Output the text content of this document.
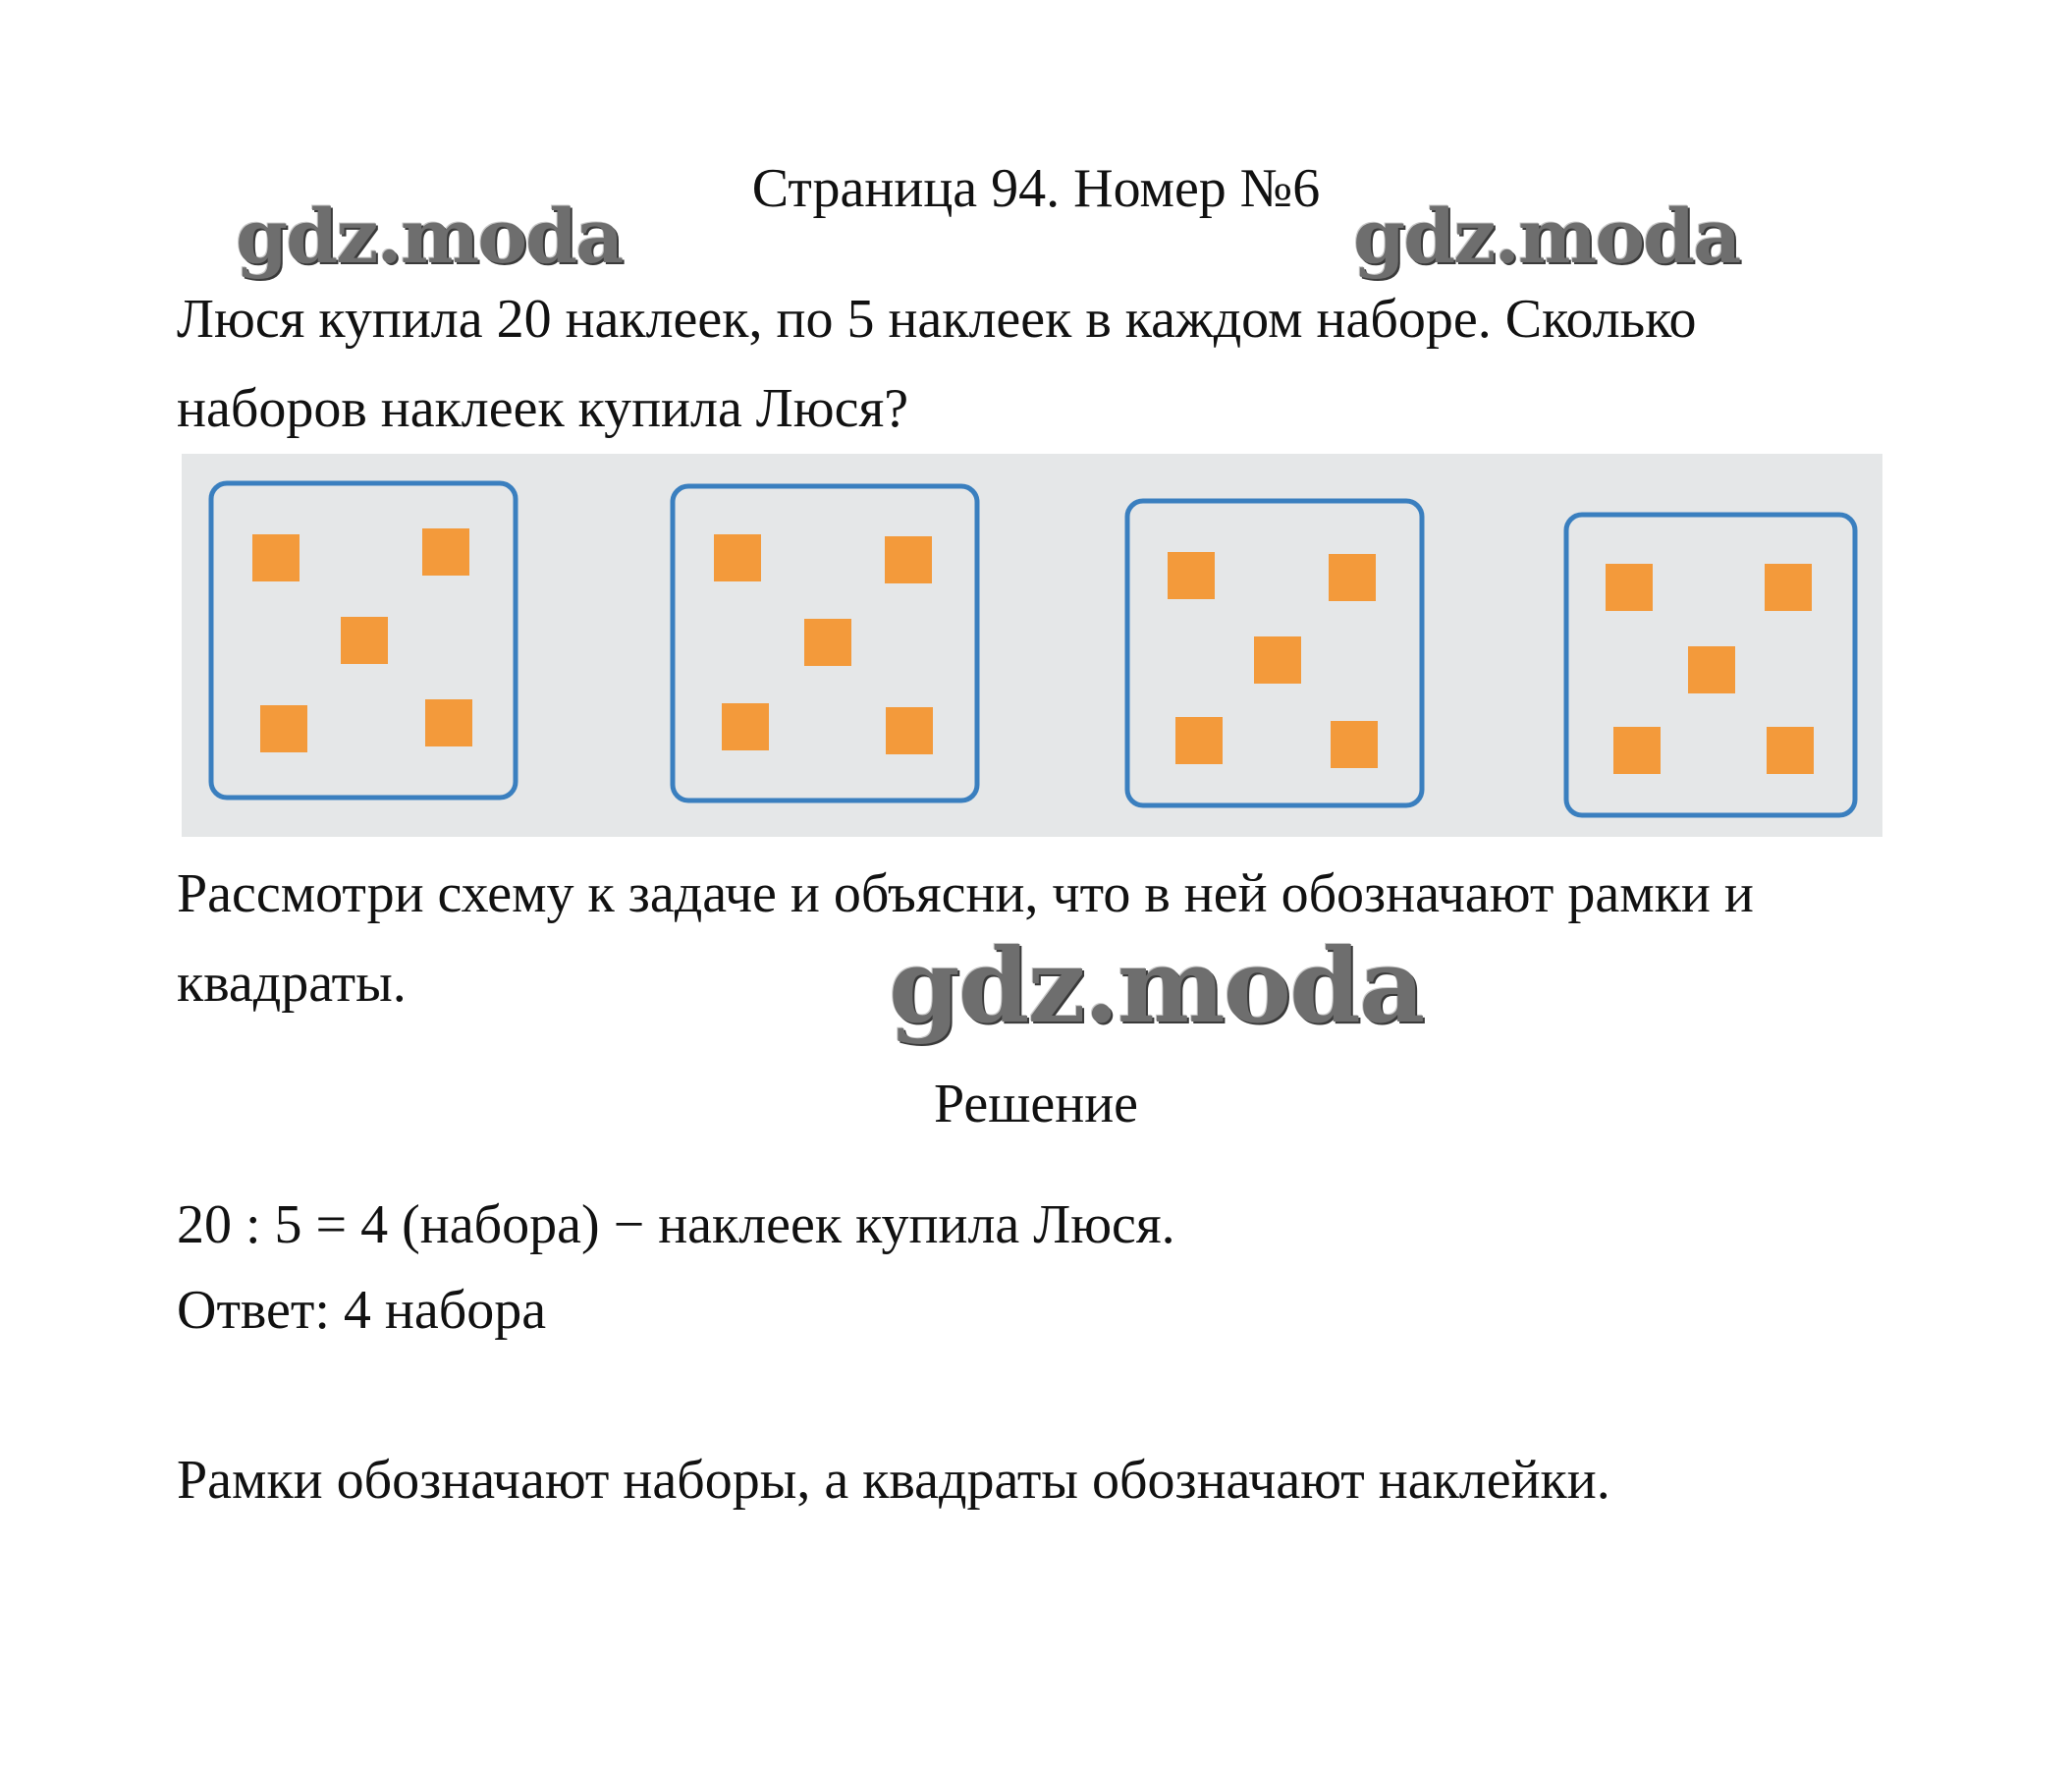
Страница 94. Номер №6
gdz.moda	gdz.moda
Люся купила 20 наклеек, по 5 наклеек в каждом наборе. Сколько
наборов наклеек купила Люся?
Рассмотри схему к задаче и объясни, что в ней обозначают рамки и
квадраты.	gdz.moda
Решение
20 : 5 = 4 (набора) − наклеек купила Люся.
Ответ: 4 набора
Рамки обозначают наборы, а квадраты обозначают наклейки.
